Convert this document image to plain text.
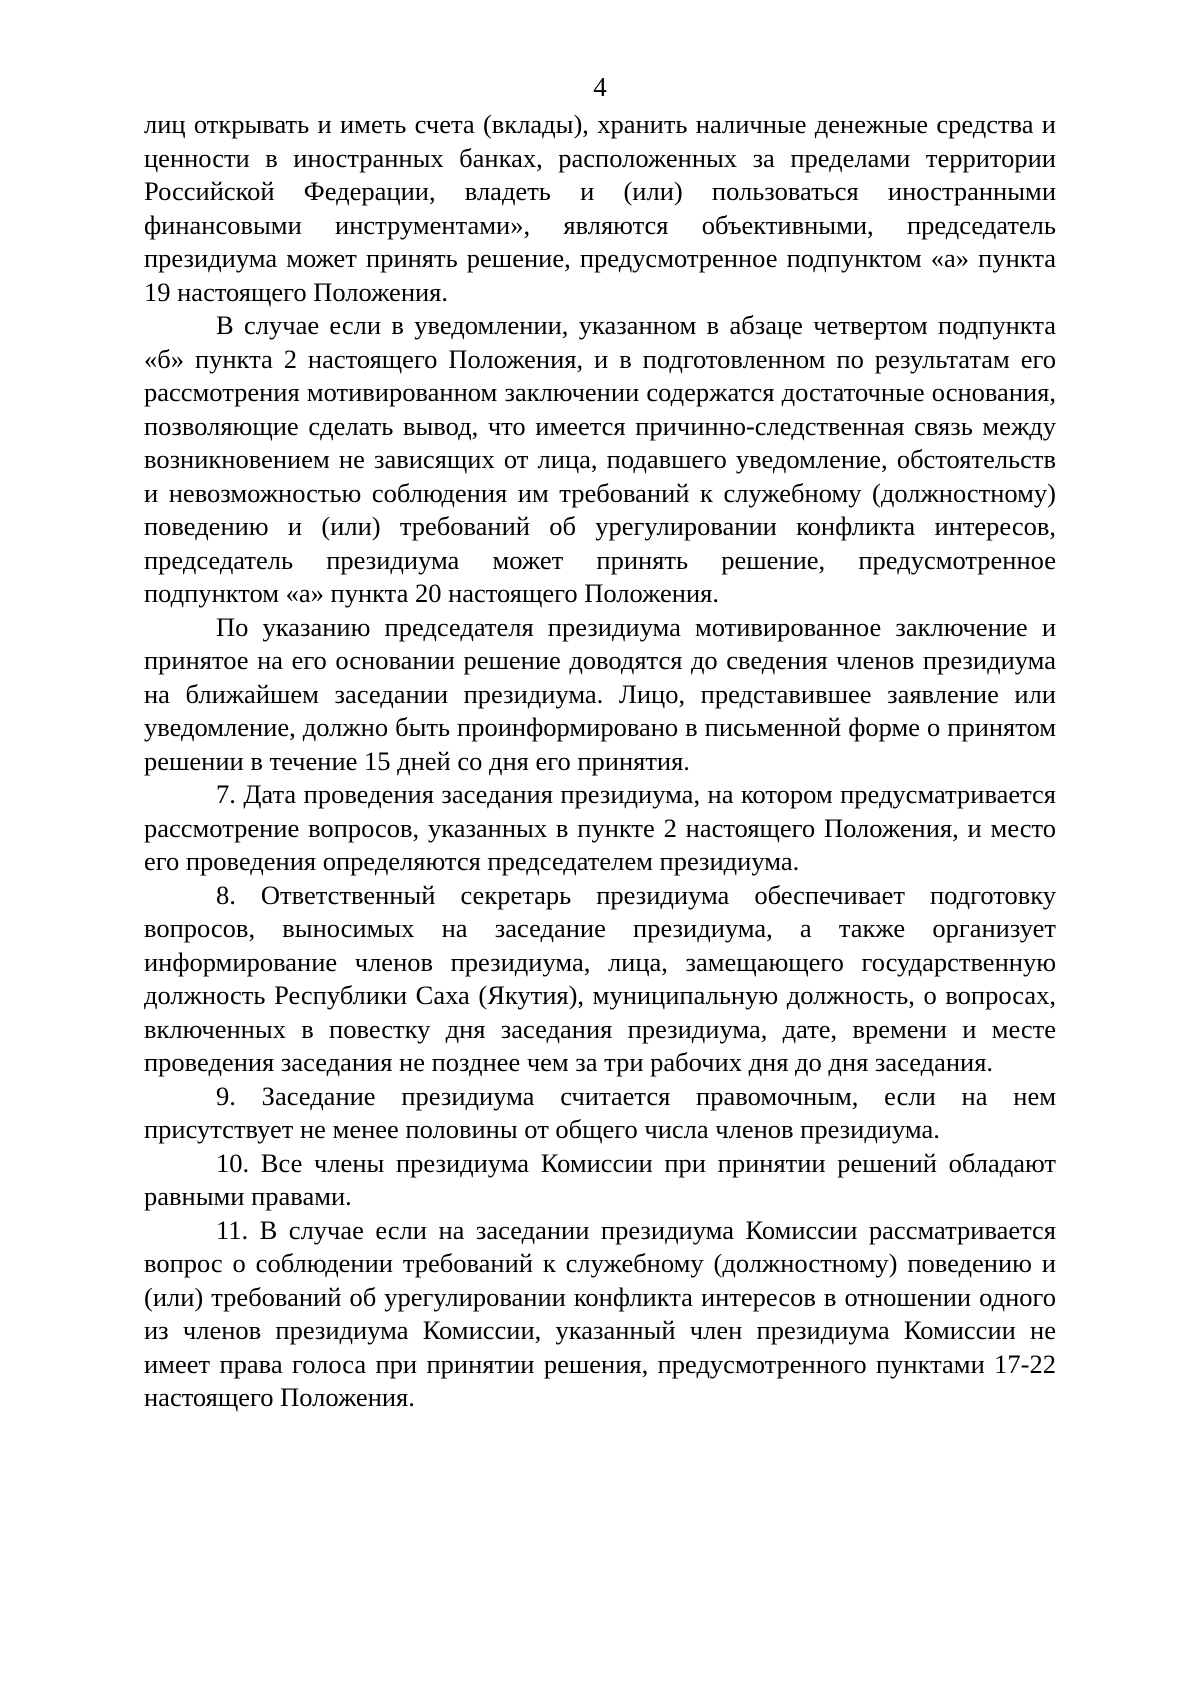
4

лиц открывать и иметь счета (вклады), хранить наличные денежные средства и ценности в иностранных банках, расположенных за пределами территории Российской Федерации, владеть и (или) пользоваться иностранными финансовыми инструментами», являются объективными, председатель президиума может принять решение, предусмотренное подпунктом «а» пункта 19 настоящего Положения.

В случае если в уведомлении, указанном в абзаце четвертом подпункта «б» пункта 2 настоящего Положения, и в подготовленном по результатам его рассмотрения мотивированном заключении содержатся достаточные основания, позволяющие сделать вывод, что имеется причинно-следственная связь между возникновением не зависящих от лица, подавшего уведомление, обстоятельств и невозможностью соблюдения им требований к служебному (должностному) поведению и (или) требований об урегулировании конфликта интересов, председатель президиума может принять решение, предусмотренное подпунктом «а» пункта 20 настоящего Положения.

По указанию председателя президиума мотивированное заключение и принятое на его основании решение доводятся до сведения членов президиума на ближайшем заседании президиума. Лицо, представившее заявление или уведомление, должно быть проинформировано в письменной форме о принятом решении в течение 15 дней со дня его принятия.

7. Дата проведения заседания президиума, на котором предусматривается рассмотрение вопросов, указанных в пункте 2 настоящего Положения, и место его проведения определяются председателем президиума.

8. Ответственный секретарь президиума обеспечивает подготовку вопросов, выносимых на заседание президиума, а также организует информирование членов президиума, лица, замещающего государственную должность Республики Саха (Якутия), муниципальную должность, о вопросах, включенных в повестку дня заседания президиума, дате, времени и месте проведения заседания не позднее чем за три рабочих дня до дня заседания.

9. Заседание президиума считается правомочным, если на нем присутствует не менее половины от общего числа членов президиума.

10. Все члены президиума Комиссии при принятии решений обладают равными правами.

11. В случае если на заседании президиума Комиссии рассматривается вопрос о соблюдении требований к служебному (должностному) поведению и (или) требований об урегулировании конфликта интересов в отношении одного из членов президиума Комиссии, указанный член президиума Комиссии не имеет права голоса при принятии решения, предусмотренного пунктами 17-22 настоящего Положения.
